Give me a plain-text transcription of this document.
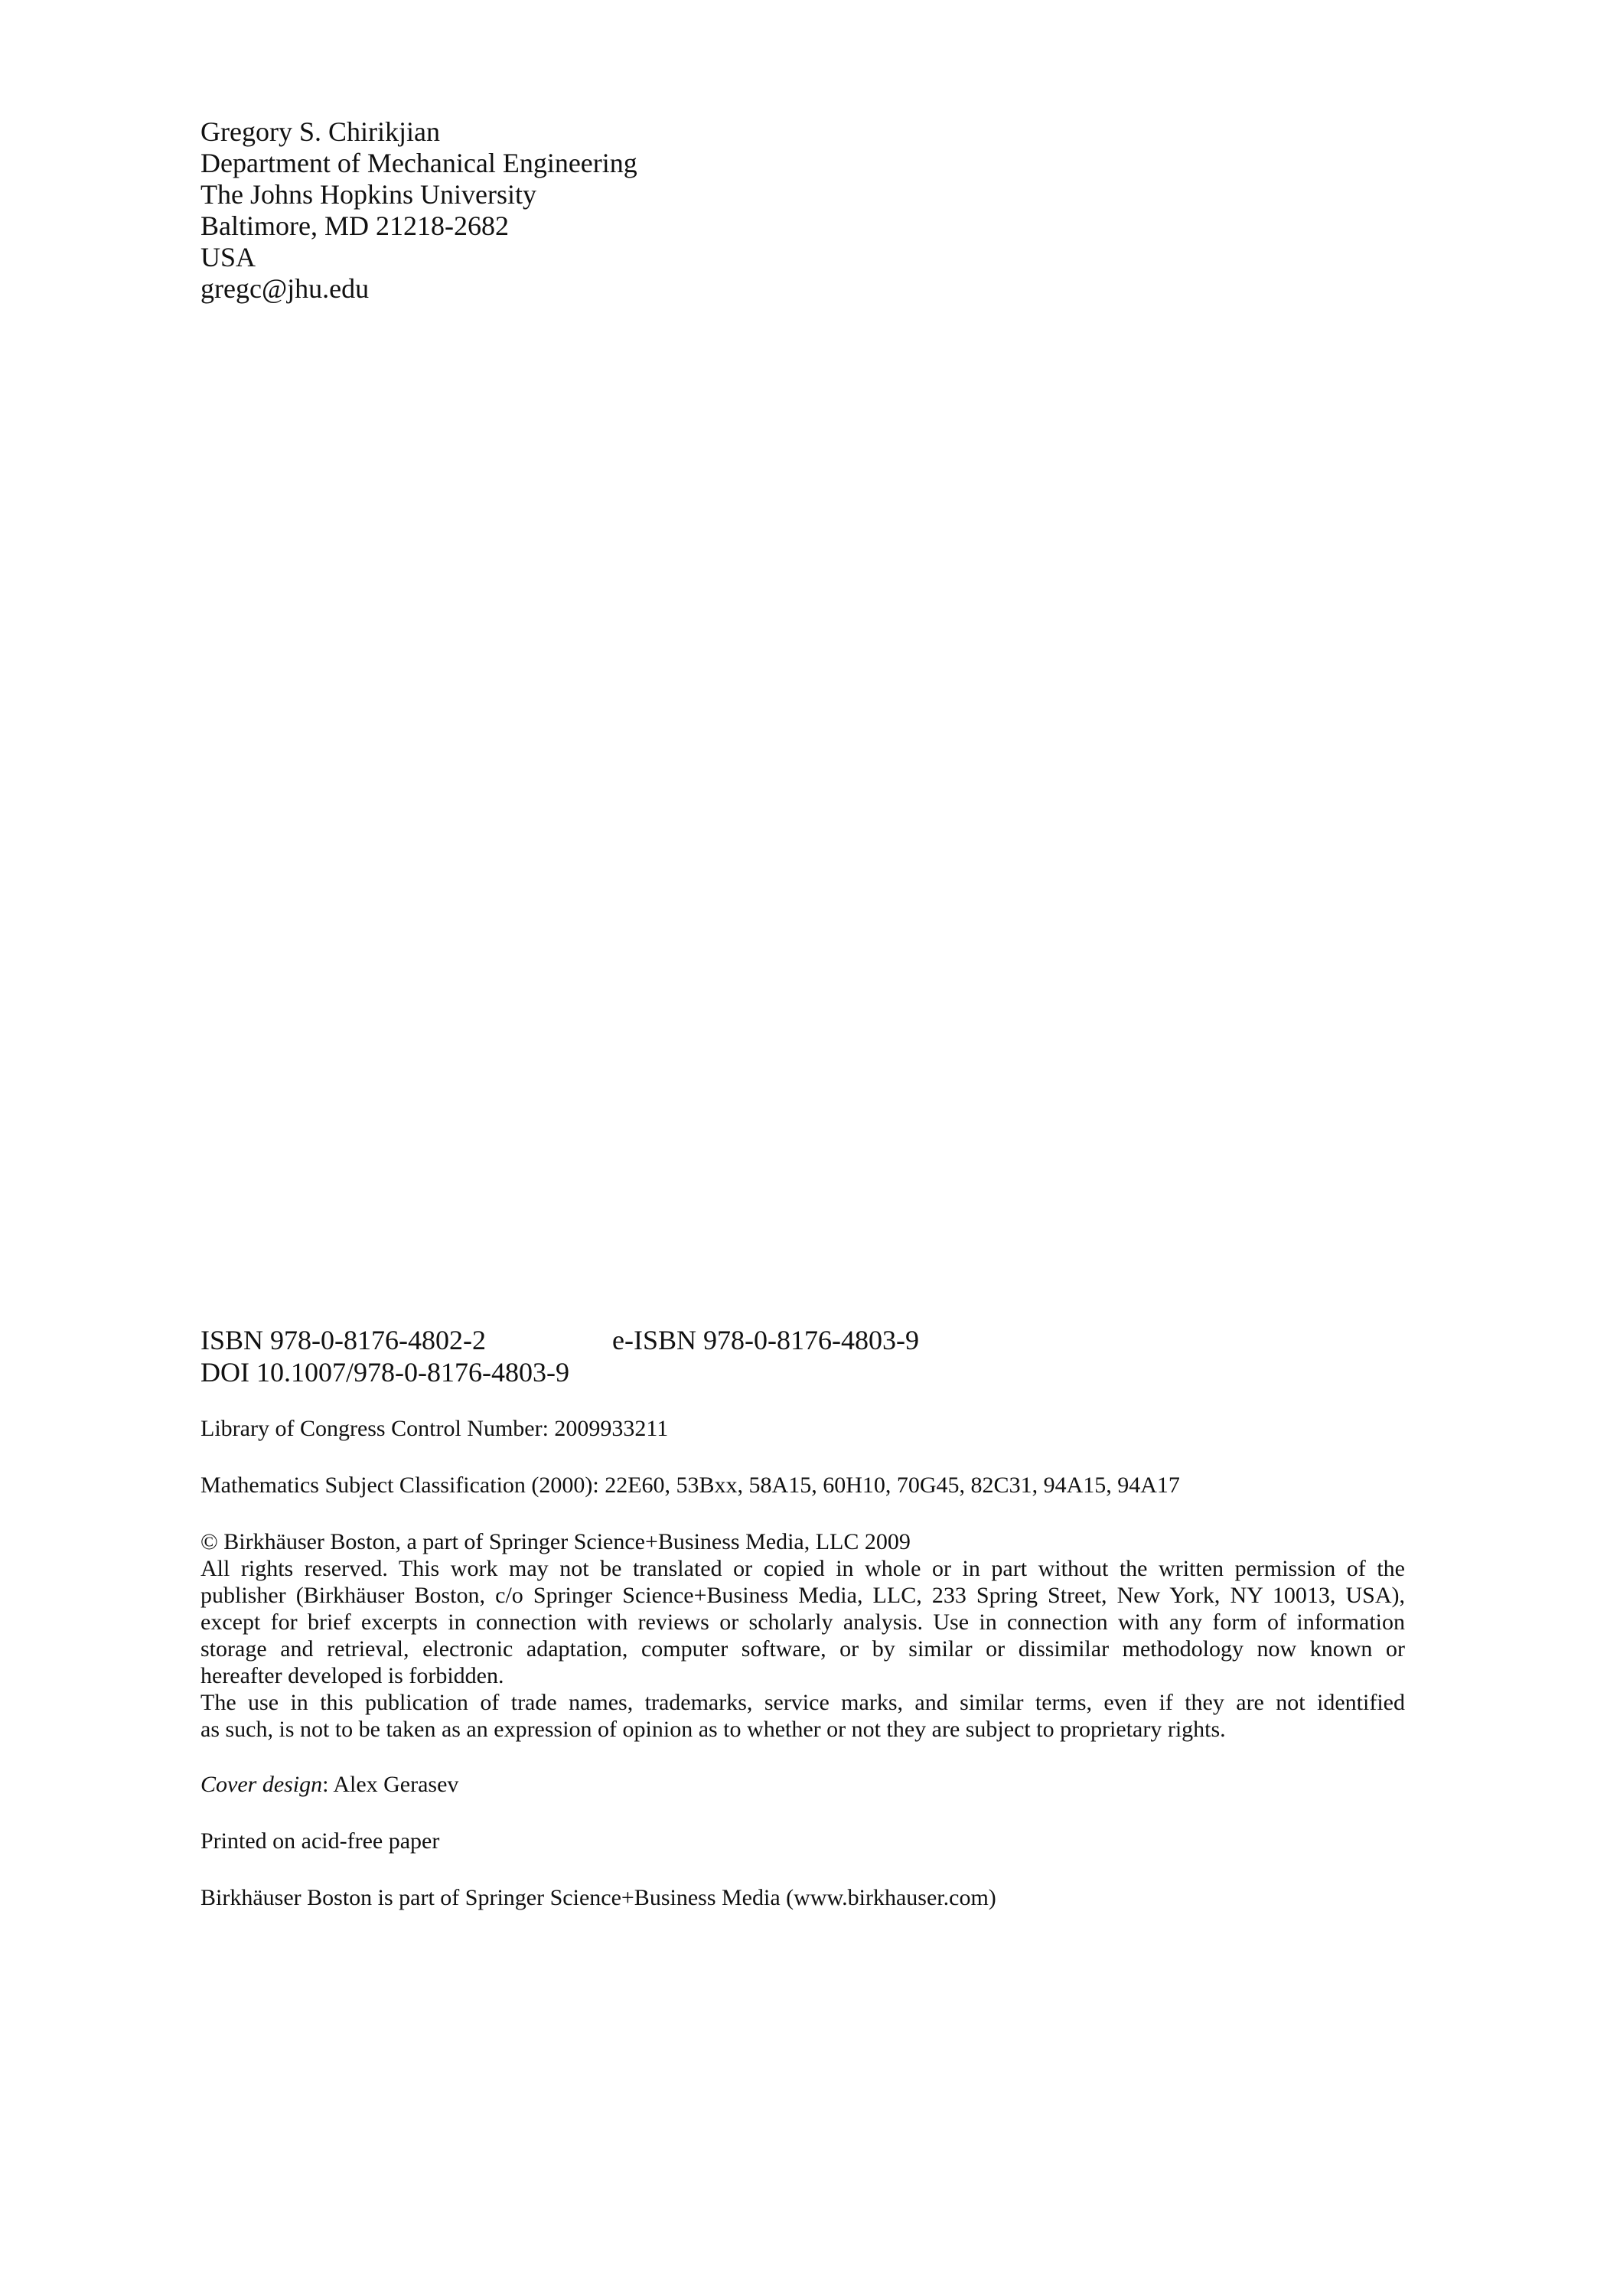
Gregory S. Chirikjian
Department of Mechanical Engineering
The Johns Hopkins University
Baltimore, MD 21218-2682
USA
gregc@jhu.edu
ISBN 978-0-8176-4802-2	e-ISBN 978-0-8176-4803-9
DOI 10.1007/978-0-8176-4803-9
Library of Congress Control Number: 2009933211
Mathematics Subject Classification (2000): 22E60, 53Bxx, 58A15, 60H10, 70G45, 82C31, 94A15, 94A17
© Birkhäuser Boston, a part of Springer Science+Business Media, LLC 2009
All rights reserved. This work may not be translated or copied in whole or in part without the written permission of the
publisher (Birkhäuser Boston, c/o Springer Science+Business Media, LLC, 233 Spring Street, New York, NY 10013, USA),
except for brief excerpts in connection with reviews or scholarly analysis. Use in connection with any form of information
storage and retrieval, electronic adaptation, computer software, or by similar or dissimilar methodology now known or
hereafter developed is forbidden.
The use in this publication of trade names, trademarks, service marks, and similar terms, even if they are not identified
as such, is not to be taken as an expression of opinion as to whether or not they are subject to proprietary rights.
Cover design: Alex Gerasev
Printed on acid-free paper
Birkhäuser Boston is part of Springer Science+Business Media (www.birkhauser.com)
